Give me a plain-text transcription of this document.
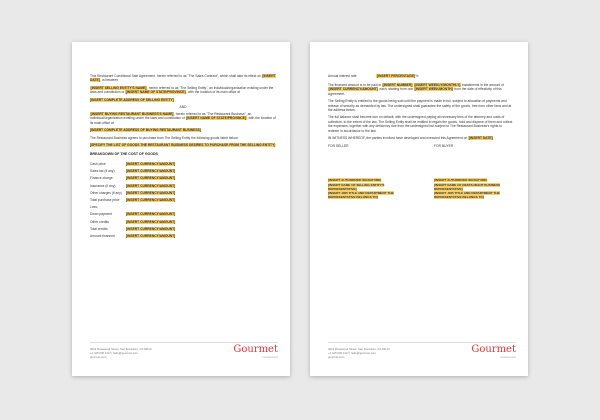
This Restaurant Conditional Sale Agreement, herein referred to as "The Sales Contract", which shall take its effect on [INSERT DATE], is between

[INSERT SELLING ENTITY'S NAME], herein referred to as "The Selling Entity", an individual/organization existing under the laws and constitution of [INSERT NAME OF STATE/PROVINCE], with the location of its main office at

[INSERT COMPLETE ADDRESS OF SELLING ENTITY]

AND

[INSERT BUYING RESTAURANT BUSINESS'S NAME], herein referred to as "The Restaurant Business", an individual/organization existing under the laws and constitution of [INSERT NAME OF STATE/PROVINCE], with the location of its main office at

[INSERT COMPLETE ADDRESS OF BUYING RESTAURANT BUSINESS]

The Restaurant Business agrees to purchase from The Selling Entity the following goods listed below:

[SPECIFY THE LIST OF GOODS THE RESTAURANT BUSINESS DESIRES TO PURCHASE FROM THE SELLING ENTITY]

BREAKDOWN OF THE COST OF GOODS
Cash price	[INSERT CURRENCY/AMOUNT]
Sales tax (if any)	[INSERT CURRENCY/AMOUNT]
Finance charge	[INSERT CURRENCY/AMOUNT]
Insurance (if any)	[INSERT CURRENCY/AMOUNT]
Other charges (if any)	[INSERT CURRENCY/AMOUNT]
Total purchase price	[INSERT CURRENCY/AMOUNT]
Less:
Down payment	[INSERT CURRENCY/AMOUNT]
Other credits	[INSERT CURRENCY/AMOUNT]
Total credits	[INSERT CURRENCY/AMOUNT]
Amount financed	[INSERT CURRENCY/AMOUNT]
4613 Rosewood Street, San Francisco, CA 94114
+1 415 000 1117 | hello@gourmet.com
gourmet.com
Gourmet
restaurant
Annual interest rate	[INSERT PERCENTAGE]%

The financed amount is to be paid in [INSERT NUMBER] [INSERT WEEKLY/MONTHLY] installments in the amount of [INSERT CURRENCY/AMOUNT] each, starting from one [INSERT WEEK/MONTH] from the date of effectivity of this Agreement.

The Selling Entity is entitled to the goods being sold until the payment is made in full, subject to allocation of payments and release of security as demanded by law. The undersigned shall guarantee the safety of the goods, free from other liens and at the address below.

The full balance shall become due on default, with the undersigned paying all necessary fees of the attorney and costs of collection, to the extent of the law. The Selling Entity shall be entitled to regain the goods, hold and dispose of them and collect the expenses, together with any deficiency due from the undersigned but subject to The Restaurant Business's rights to redeem in accordance to the law.

IN WITNESS WHEREOF, the parties involved have developed and executed this Agreement on [INSERT DATE]

FOR SELLER

[INSERT AUTHORIZED SIGNATURE]

[INSERT NAME OF SELLING ENTITY'S REPRESENTATIVE]

[INSERT JOB TITLE AND DEPARTMENT THE REPRESENTATIVE BELONGS TO]

FOR BUYER

[INSERT AUTHORIZED SIGNATURE]

[INSERT NAME OF RESTAURANT BUSINESS REPRESENTATIVE]

[INSERT JOB TITLE AND DEPARTMENT THE REPRESENTATIVE BELONGS TO]

4613 Rosewood Street, San Francisco, CA 94114
+1 415 000 1117 | hello@gourmet.com
gourmet.com
Gourmet
restaurant
